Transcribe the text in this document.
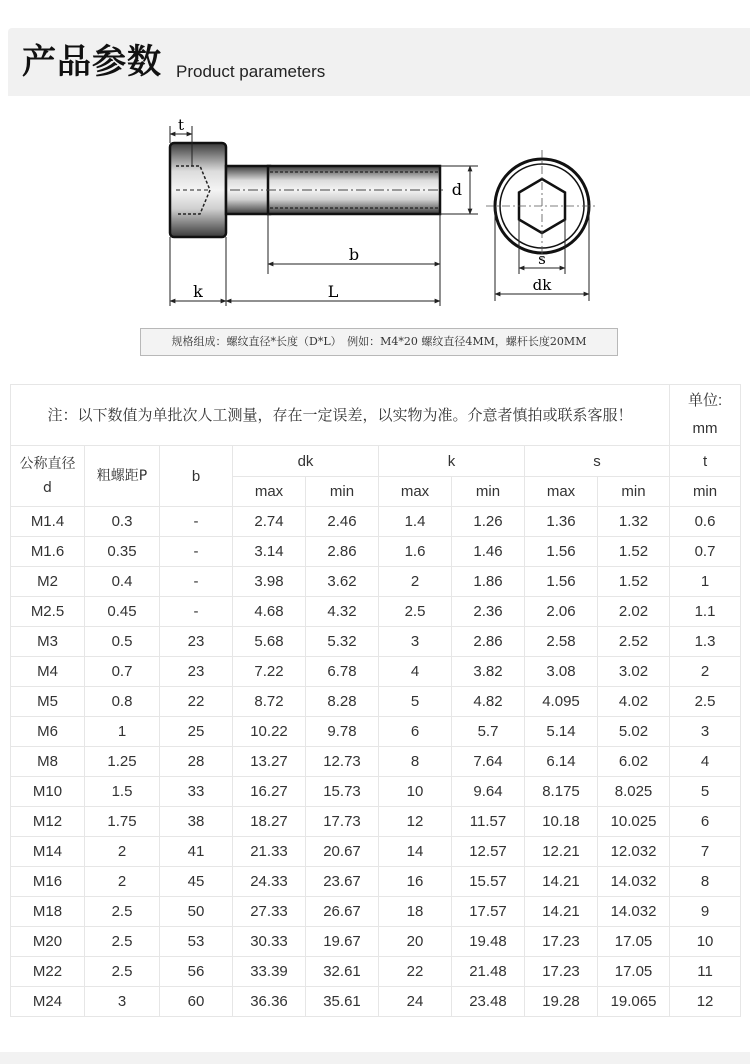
产品参数 Product parameters
t
d
b
k	L
s
dk
规格组成：螺纹直径*长度（D*L）　例如：M4*20 螺纹直径4MM，螺杆长度20MM
注：以下数值为单批次人工测量，存在一定误差，以实物为准。介意者慎拍或联系客服！									单位:
mm
公称直径
d	粗螺距P	b	dk		k		s		t
			max	min	max	min	max	min	min
M1.4	0.3	-	2.74	2.46	1.4	1.26	1.36	1.32	0.6
M1.6	0.35	-	3.14	2.86	1.6	1.46	1.56	1.52	0.7
M2	0.4	-	3.98	3.62	2	1.86	1.56	1.52	1
M2.5	0.45	-	4.68	4.32	2.5	2.36	2.06	2.02	1.1
M3	0.5	23	5.68	5.32	3	2.86	2.58	2.52	1.3
M4	0.7	23	7.22	6.78	4	3.82	3.08	3.02	2
M5	0.8	22	8.72	8.28	5	4.82	4.095	4.02	2.5
M6	1	25	10.22	9.78	6	5.7	5.14	5.02	3
M8	1.25	28	13.27	12.73	8	7.64	6.14	6.02	4
M10	1.5	33	16.27	15.73	10	9.64	8.175	8.025	5
M12	1.75	38	18.27	17.73	12	11.57	10.18	10.025	6
M14	2	41	21.33	20.67	14	12.57	12.21	12.032	7
M16	2	45	24.33	23.67	16	15.57	14.21	14.032	8
M18	2.5	50	27.33	26.67	18	17.57	14.21	14.032	9
M20	2.5	53	30.33	19.67	20	19.48	17.23	17.05	10
M22	2.5	56	33.39	32.61	22	21.48	17.23	17.05	11
M24	3	60	36.36	35.61	24	23.48	19.28	19.065	12
